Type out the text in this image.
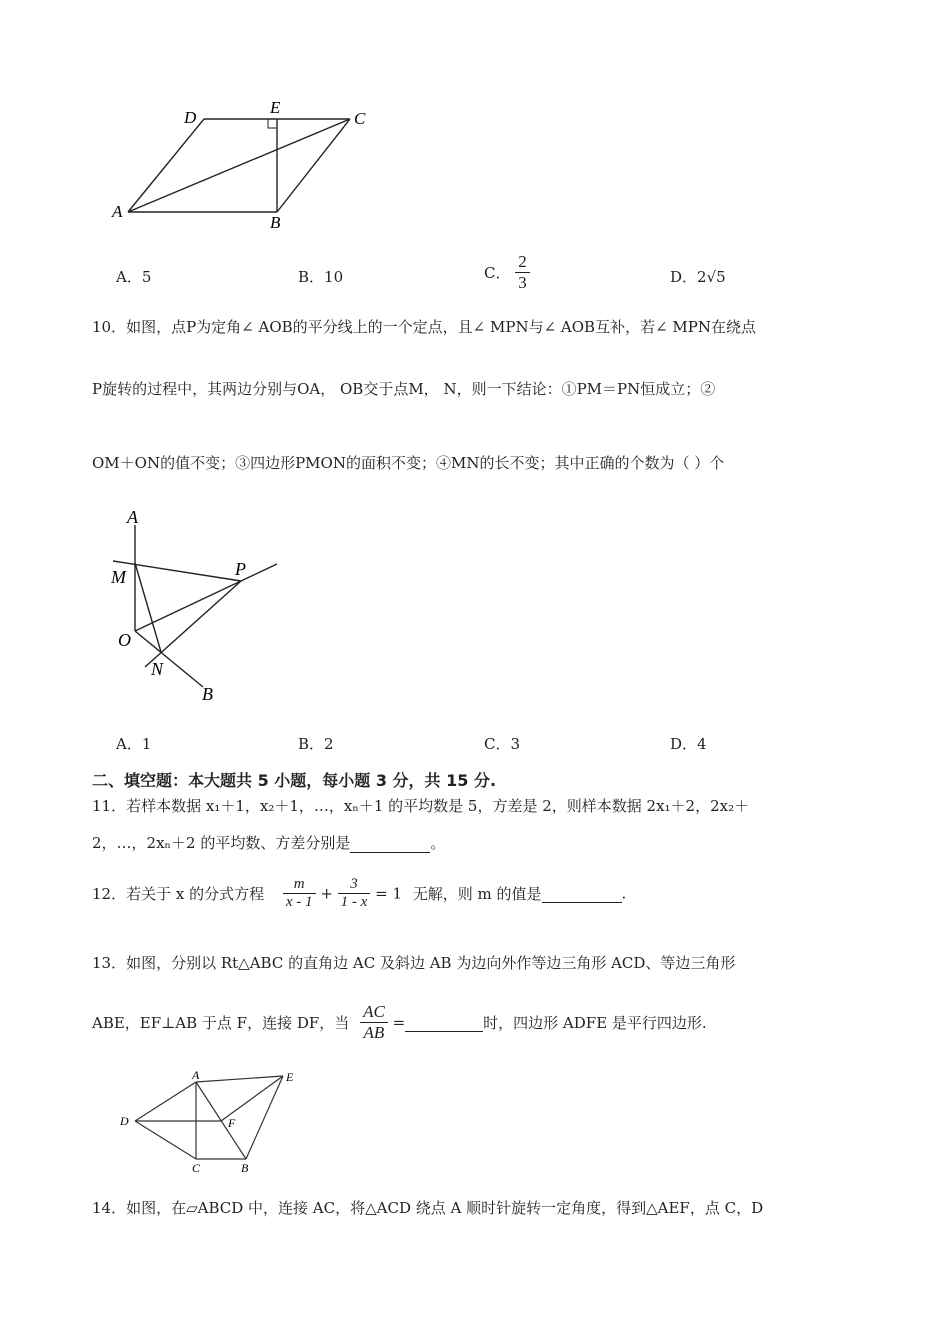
D
E
C
A
B
A．5	B．10	C． $\frac{2}{3}$	D．2√5
10．如图，点P为定角∠ AOB的平分线上的一个定点，且∠ MPN与∠ AOB互补，若∠ MPN在绕点
P旋转的过程中，其两边分别与OA， OB交于点M， N，则一下结论：①PM＝PN恒成立；②
OM＋ON的值不变；③四边形PMON的面积不变；④MN的长不变；其中正确的个数为（ ）个
A
M	P
O
N
B
A．1	B．2	C．3	D．4
二、填空题：本大题共 5 小题，每小题 3 分，共 15 分.
11．若样本数据 x₁＋1，x₂＋1，…，xₙ＋1 的平均数是 5，方差是 2，则样本数据 2x₁＋2，2x₂＋
2，…，2xₙ＋2 的平均数、方差分别是	。
12．若关于 x 的分式方程 $\frac{m}{x - 1} + \frac{3}{1 - x} = 1$ 无解，则 m 的值是	.
13．如图，分别以 Rt△ABC 的直角边 AC 及斜边 AB 为边向外作等边三角形 ACD、等边三角形
ABE，EF⊥AB 于点 F，连接 DF，当 $\frac{AC}{AB}$ =	时，四边形 ADFE 是平行四边形.
A	E
D	F
C	B
14．如图，在▱ABCD 中，连接 AC，将△ACD 绕点 A 顺时针旋转一定角度，得到△AEF，点 C，D
